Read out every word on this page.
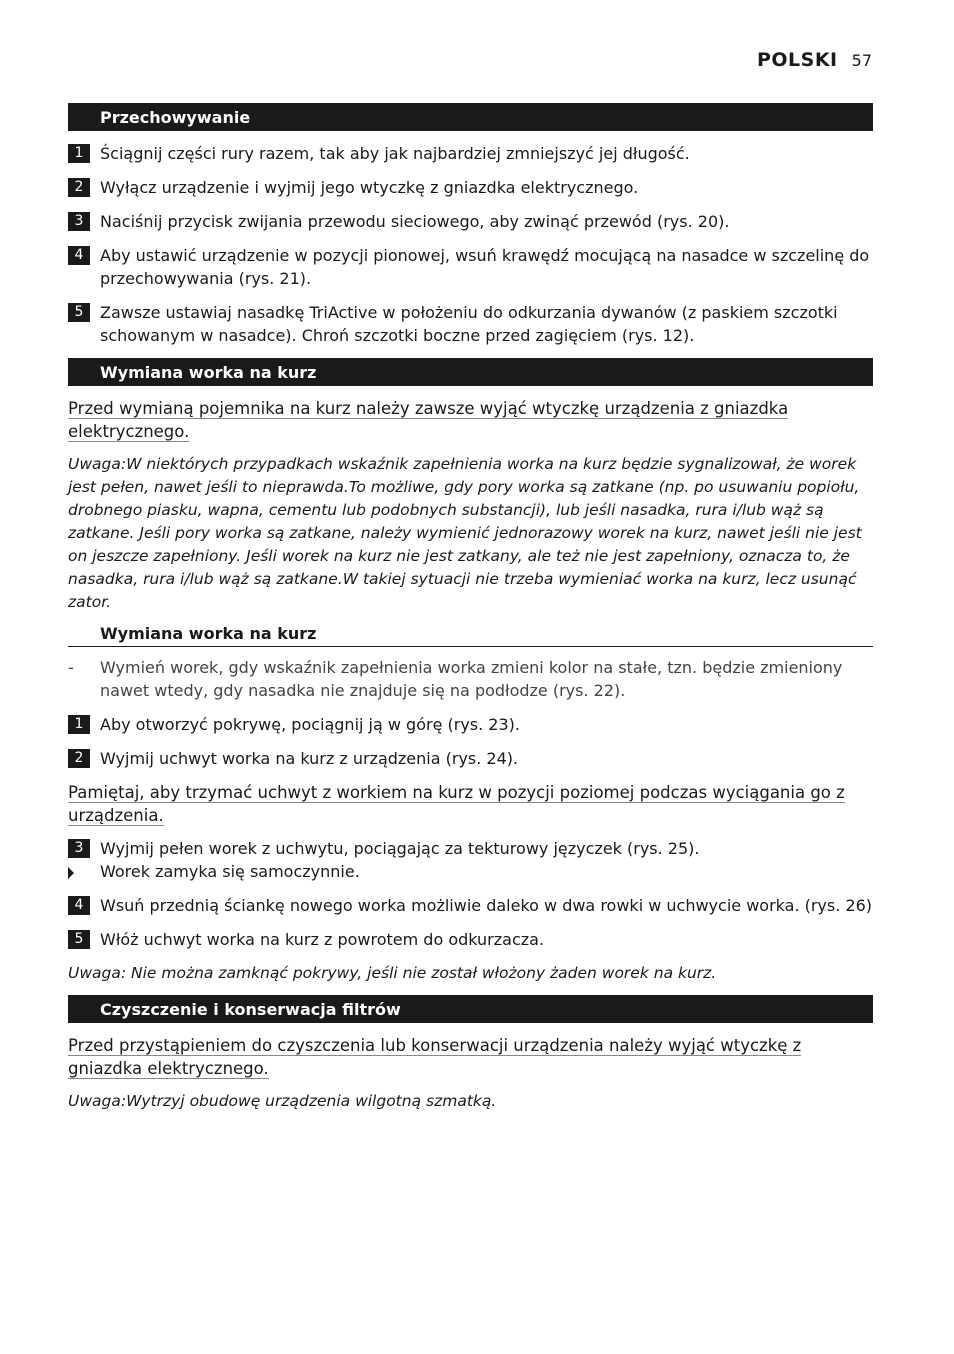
POLSKI 57
Przechowywanie
1	Ściągnij części rury razem, tak aby jak najbardziej zmniejszyć jej długość.
2	Wyłącz urządzenie i wyjmij jego wtyczkę z gniazdka elektrycznego.
3	Naciśnij przycisk zwijania przewodu sieciowego, aby zwinąć przewód (rys. 20).
4	Aby ustawić urządzenie w pozycji pionowej, wsuń krawędź mocującą na nasadce w szczelinę do przechowywania (rys. 21).
5	Zawsze ustawiaj nasadkę TriActive w położeniu do odkurzania dywanów (z paskiem szczotki schowanym w nasadce). Chroń szczotki boczne przed zagięciem (rys. 12).
Wymiana worka na kurz
Przed wymianą pojemnika na kurz należy zawsze wyjąć wtyczkę urządzenia z gniazdka elektrycznego.
Uwaga:W niektórych przypadkach wskaźnik zapełnienia worka na kurz będzie sygnalizował, że worek jest pełen, nawet jeśli to nieprawda.To możliwe, gdy pory worka są zatkane (np. po usuwaniu popiołu, drobnego piasku, wapna, cementu lub podobnych substancji), lub jeśli nasadka, rura i/lub wąż są zatkane. Jeśli pory worka są zatkane, należy wymienić jednorazowy worek na kurz, nawet jeśli nie jest on jeszcze zapełniony. Jeśli worek na kurz nie jest zatkany, ale też nie jest zapełniony, oznacza to, że nasadka, rura i/lub wąż są zatkane.W takiej sytuacji nie trzeba wymieniać worka na kurz, lecz usunąć zator.
Wymiana worka na kurz
- Wymień worek, gdy wskaźnik zapełnienia worka zmieni kolor na stałe, tzn. będzie zmieniony nawet wtedy, gdy nasadka nie znajduje się na podłodze (rys. 22).
1	Aby otworzyć pokrywę, pociągnij ją w górę (rys. 23).
2	Wyjmij uchwyt worka na kurz z urządzenia (rys. 24).
Pamiętaj, aby trzymać uchwyt z workiem na kurz w pozycji poziomej podczas wyciągania go z urządzenia.
3	Wyjmij pełen worek z uchwytu, pociągając za tekturowy języczek (rys. 25).
Worek zamyka się samoczynnie.
4	Wsuń przednią ściankę nowego worka możliwie daleko w dwa rowki w uchwycie worka. (rys. 26)
5	Włóż uchwyt worka na kurz z powrotem do odkurzacza.
Uwaga: Nie można zamknąć pokrywy, jeśli nie został włożony żaden worek na kurz.
Czyszczenie i konserwacja filtrów
Przed przystąpieniem do czyszczenia lub konserwacji urządzenia należy wyjąć wtyczkę z gniazdka elektrycznego.
Uwaga:Wytrzyj obudowę urządzenia wilgotną szmatką.
